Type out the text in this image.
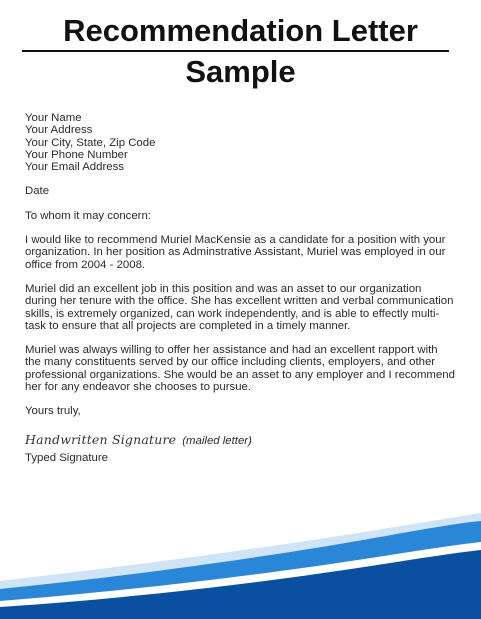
Recommendation Letter
Sample

Your Name

Your Address

Your City, State, Zip Code

Your Phone Number

Your Email Address

Date

To whom it may concern:

I would like to recommend Muriel MacKensie as a candidate for a position with your organization. In her position as Adminstrative Assistant, Muriel was employed in our office from 2004 - 2008.

Muriel did an excellent job in this position and was an asset to our organization during her tenure with the office. She has excellent written and verbal communication skills, is extremely organized, can work independently, and is able to effectly multi-task to ensure that all projects are completed in a timely manner.

Muriel was always willing to offer her assistance and had an excellent rapport with the many constituents served by our office including clients, employers, and other professional organizations. She would be an asset to any employer and I recommend her for any endeavor she chooses to pursue.

Yours truly,

Handwritten Signature (mailed letter)

Typed Signature
